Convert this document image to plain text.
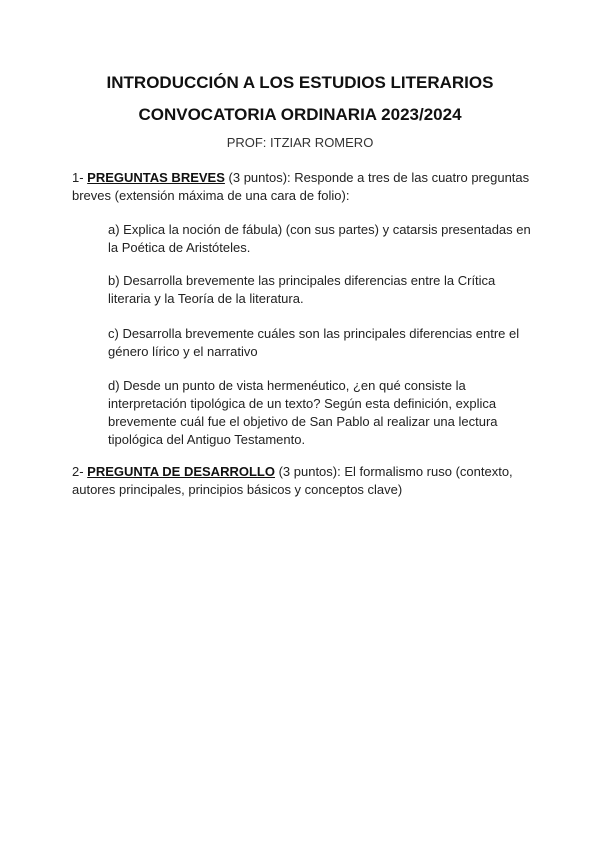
INTRODUCCIÓN A LOS ESTUDIOS LITERARIOS
CONVOCATORIA ORDINARIA 2023/2024
PROF: ITZIAR ROMERO
1- PREGUNTAS BREVES (3 puntos): Responde a tres de las cuatro preguntas breves (extensión máxima de una cara de folio):
a) Explica la noción de fábula) (con sus partes) y catarsis presentadas en la Poética de Aristóteles.
b) Desarrolla brevemente las principales diferencias entre la Crítica literaria y la Teoría de la literatura.
c) Desarrolla brevemente cuáles son las principales diferencias entre el género lírico y el narrativo
d) Desde un punto de vista hermenéutico, ¿en qué consiste la interpretación tipológica de un texto? Según esta definición, explica brevemente cuál fue el objetivo de San Pablo al realizar una lectura tipológica del Antiguo Testamento.
2- PREGUNTA DE DESARROLLO (3 puntos): El formalismo ruso (contexto, autores principales, principios básicos y conceptos clave)
